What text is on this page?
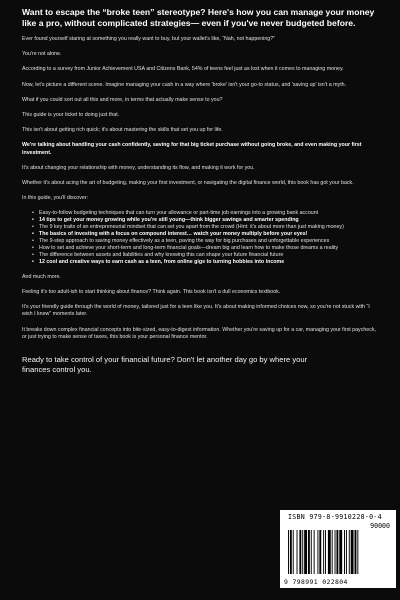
Want to escape the “broke teen” stereotype? Here's how you can manage your money like a pro, without complicated strategies— even if you've never budgeted before.

Ever found yourself staring at something you really want to buy, but your wallet's like, “Nah, not happening?”

You're not alone.

According to a survey from Junior Achievement USA and Citizens Bank, 54% of teens feel just as lost when it comes to managing money.

Now, let's picture a different scene. Imagine managing your cash in a way where 'broke' isn't your go-to status, and 'saving up' isn't a myth.

What if you could sort out all this and more, in terms that actually make sense to you?

This guide is your ticket to doing just that.

This isn't about getting rich quick; it's about mastering the skills that set you up for life.

We're talking about handling your cash confidently, saving for that big ticket purchase without going broke, and even making your first investment.

It's about changing your relationship with money, understanding its flow, and making it work for you.

Whether it's about acing the art of budgeting, making your first investment, or navigating the digital finance world, this book has got your back.

In this guide, you'll discover:

• Easy-to-follow budgeting techniques that can turn your allowance or part-time job earnings into a growing bank account
• 14 tips to get your money growing while you're still young—think bigger savings and smarter spending
• The 9 key traits of an entrepreneurial mindset that can set you apart from the crowd (Hint: it's about more than just making money)
• The basics of investing with a focus on compound interest… watch your money multiply before your eyes!
• The 9-step approach to saving money effectively as a teen, paving the way for big purchases and unforgettable experiences
• How to set and achieve your short-term and long-term financial goals—dream big and learn how to make those dreams a reality
• The difference between assets and liabilities and why knowing this can shape your future financial future
• 12 cool and creative ways to earn cash as a teen, from online gigs to turning hobbies into income

And much more.

Feeling it's too adult-ish to start thinking about finance? Think again. This book isn't a dull economics textbook.

It's your friendly guide through the world of money, tailored just for a teen like you. It's about making informed choices now, so you're not stuck with “I wish I knew” moments later.

It breaks down complex financial concepts into bite-sized, easy-to-digest information. Whether you're saving up for a car, managing your first paycheck, or just trying to make sense of taxes, this book is your personal finance mentor.

Ready to take control of your financial future? Don't let another day go by where your finances control you.
ISBN 979-8-9910228-0-4
90000
9 798991 022804
